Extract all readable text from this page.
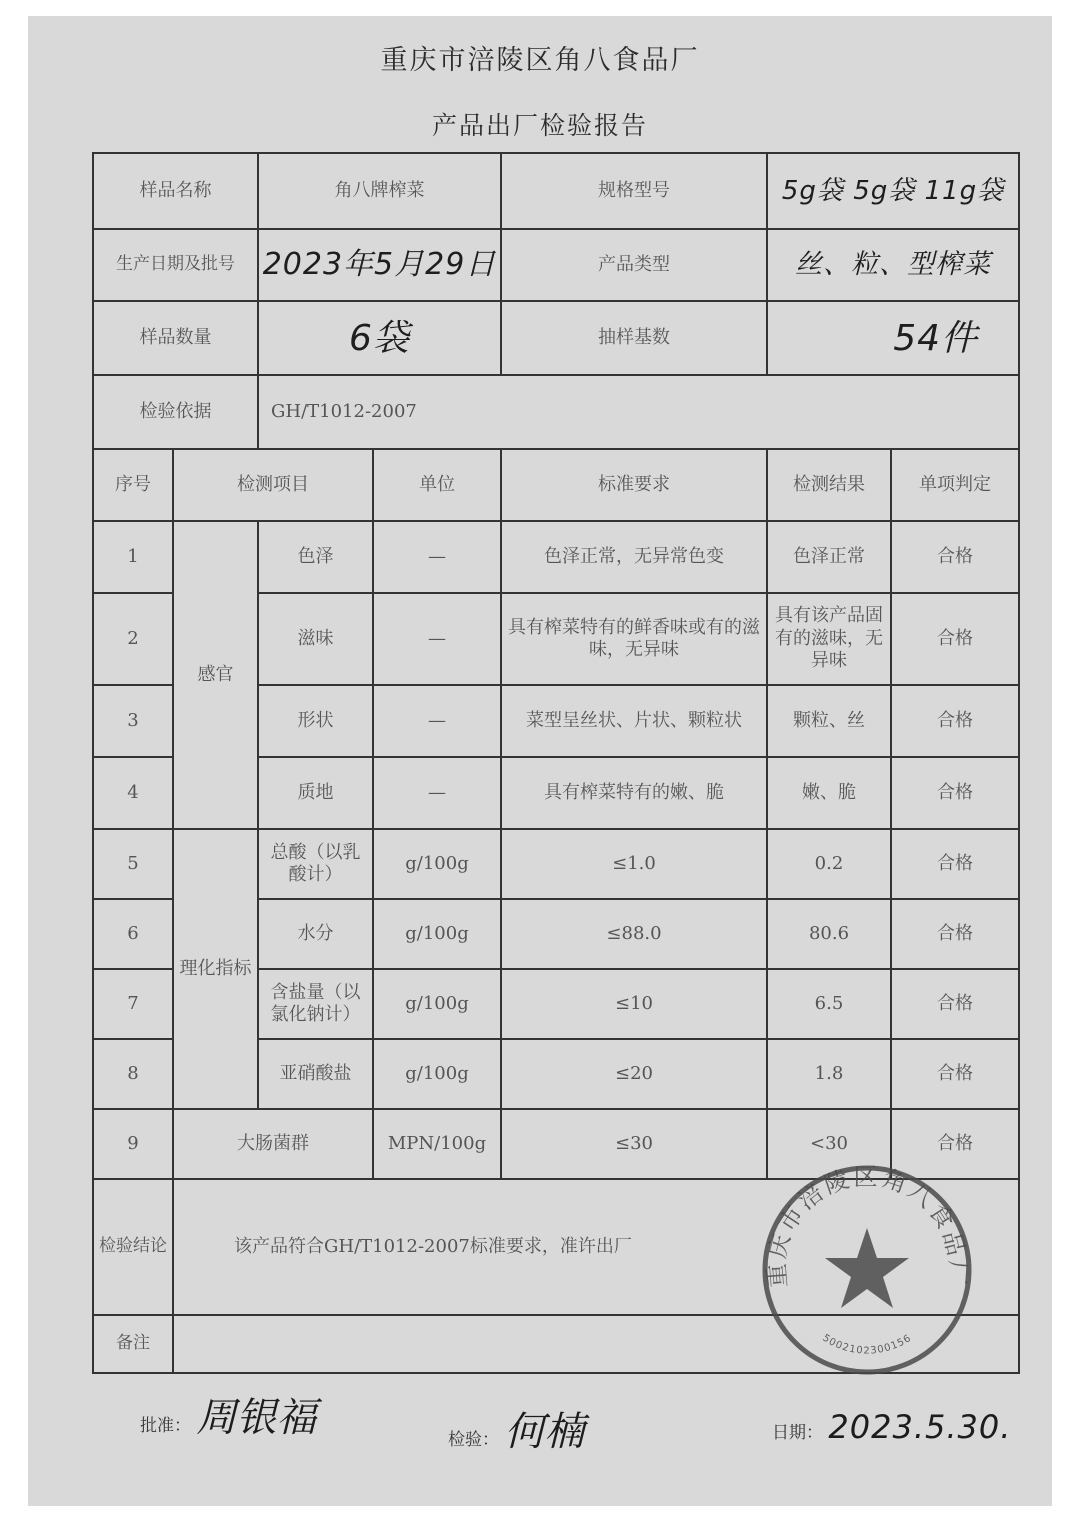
重庆市涪陵区角八食品厂
产品出厂检验报告
样品名称		角八牌榨菜		规格型号	5g袋 5g袋 11g袋	
生产日期及批号		2023年5月29日		产品类型	丝、粒、型榨菜	
样品数量		6袋		抽样基数	54件	
检验依据		GH/T1012-2007				
序号	检测项目		单位	标准要求	检测结果	单项判定
1	感官	色泽	—	色泽正常，无异常色变	色泽正常	合格
2		滋味	—	具有榨菜特有的鲜香味或有的滋味，无异味	具有该产品固有的滋味，无异味	合格
3		形状	—	菜型呈丝状、片状、颗粒状	颗粒、丝	合格
4		质地	—	具有榨菜特有的嫩、脆	嫩、脆	合格
5	理化指标	总酸（以乳酸计）	g/100g	≤1.0	0.2	合格
6		水分	g/100g	≤88.0	80.6	合格
7		含盐量（以氯化钠计）	g/100g	≤10	6.5	合格
8		亚硝酸盐	g/100g	≤20	1.8	合格
9	大肠菌群		MPN/100g	≤30	<30	合格
检验结论	该产品符合GH/T1012-2007标准要求，准许出厂					
备注						
重庆市涪陵区角八食品厂
5002102300156
批准： 周银福	检验： 何楠	日期： 2023.5.30.
